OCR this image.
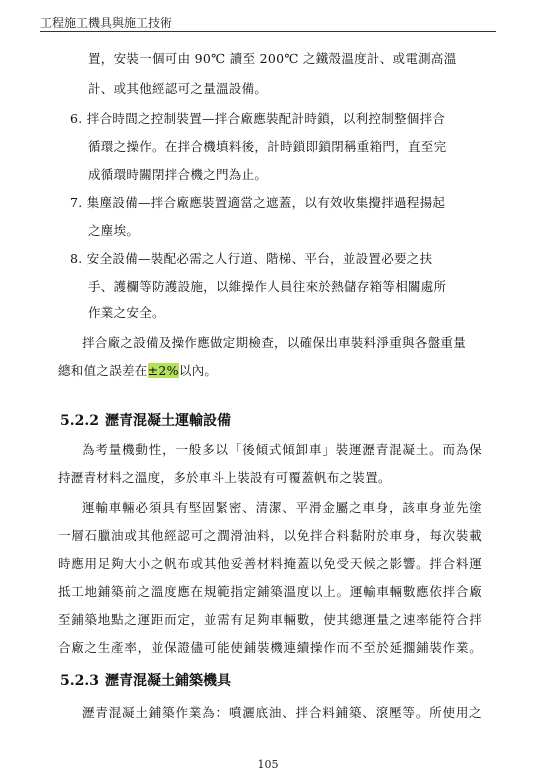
工程施工機具與施工技術
置，安裝一個可由 90℃ 讀至 200℃ 之鐵殼溫度計、或電測高溫
計、或其他經認可之量溫設備。
6. 拌合時間之控制裝置—拌合廠應裝配計時鎖，以利控制整個拌合
循環之操作。在拌合機填料後，計時鎖即鎖閉稱重箱門，直至完
成循環時關閉拌合機之門為止。
7. 集塵設備—拌合廠應裝置適當之遮蓋，以有效收集攪拌過程揚起
之塵埃。
8. 安全設備—裝配必需之人行道、階梯、平台，並設置必要之扶
手、護欄等防護設施，以維操作人員往來於熱儲存箱等相關處所
作業之安全。
拌合廠之設備及操作應做定期檢查，以確保出車裝料淨重與各盤重量
總和值之誤差在±2%以內。
5.2.2 瀝青混凝土運輸設備
為考量機動性，一般多以「後傾式傾卸車」裝運瀝青混凝土。而為保
持瀝青材料之溫度，多於車斗上裝設有可覆蓋帆布之裝置。
運輸車輛必須具有堅固緊密、清潔、平滑金屬之車身，該車身並先塗
一層石臘油或其他經認可之潤滑油料，以免拌合料黏附於車身，每次裝載
時應用足夠大小之帆布或其他妥善材料掩蓋以免受天候之影響。拌合料運
抵工地鋪築前之溫度應在規範指定鋪築溫度以上。運輸車輛數應依拌合廠
至鋪築地點之運距而定，並需有足夠車輛數，使其總運量之速率能符合拌
合廠之生產率，並保證儘可能使鋪裝機連續操作而不至於延擱鋪裝作業。
5.2.3 瀝青混凝土鋪築機具
瀝青混凝土鋪築作業為：噴灑底油、拌合料鋪築、滾壓等。所使用之
105
